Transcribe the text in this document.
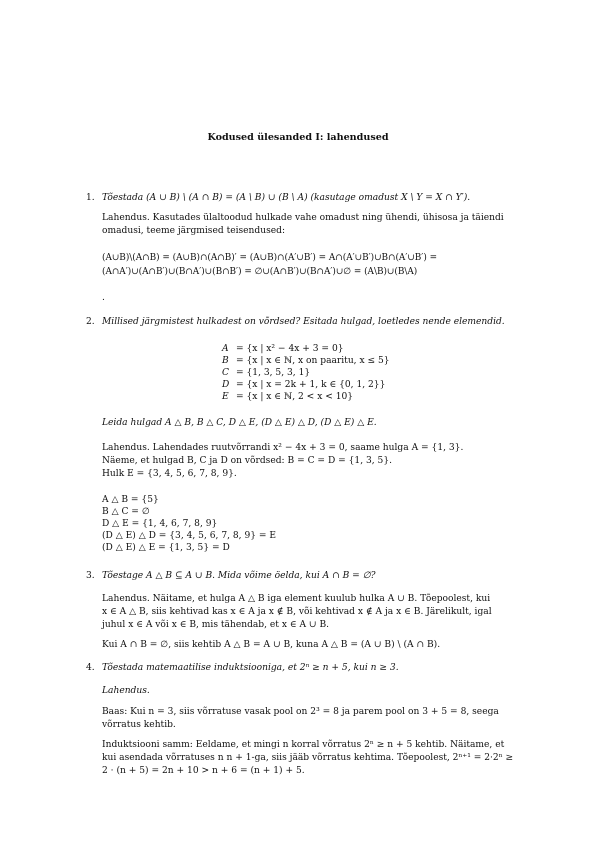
Kodused ülesanded I: lahendused
1. Tõestada (A ∪ B) \ (A ∩ B) = (A \ B) ∪ (B \ A) (kasutage omadust X \ Y = X ∩ Y′).
Lahendus. Kasutades ülaltoodud hulkade vahe omadust ning ühendi, ühisosa ja täiendi
omadusi, teeme järgmised teisendused:
(A∪B)\(A∩B) = (A∪B)∩(A∩B)′ = (A∪B)∩(A′∪B′) = A∩(A′∪B′)∪B∩(A′∪B′) =
(A∩A′)∪(A∩B′)∪(B∩A′)∪(B∩B′) = ∅∪(A∩B′)∪(B∩A′)∪∅ = (A\B)∪(B\A)
.
2. Millised järgmistest hulkadest on võrdsed? Esitada hulgad, loetledes nende elemendid.
A = {x | x² − 4x + 3 = 0}
B = {x | x ∈ ℕ, x on paaritu, x ≤ 5}
C = {1, 3, 5, 3, 1}
D = {x | x = 2k + 1, k ∈ {0, 1, 2}}
E = {x | x ∈ ℕ, 2 < x < 10}
Leida hulgad A △ B, B △ C, D △ E, (D △ E) △ D, (D △ E) △ E.
Lahendus. Lahendades ruutvõrrandi x² − 4x + 3 = 0, saame hulga A = {1, 3}.
Näeme, et hulgad B, C ja D on võrdsed: B = C = D = {1, 3, 5}.
Hulk E = {3, 4, 5, 6, 7, 8, 9}.
A △ B = {5}
B △ C = ∅
D △ E = {1, 4, 6, 7, 8, 9}
(D △ E) △ D = {3, 4, 5, 6, 7, 8, 9} = E
(D △ E) △ E = {1, 3, 5} = D
3. Tõestage A △ B ⊆ A ∪ B. Mida võime öelda, kui A ∩ B = ∅?
Lahendus. Näitame, et hulga A △ B iga element kuulub hulka A ∪ B. Tõepoolest, kui
x ∈ A △ B, siis kehtivad kas x ∈ A ja x ∉ B, või kehtivad x ∉ A ja x ∈ B. Järelikult, igal
juhul x ∈ A või x ∈ B, mis tähendab, et x ∈ A ∪ B.
Kui A ∩ B = ∅, siis kehtib A △ B = A ∪ B, kuna A △ B = (A ∪ B) \ (A ∩ B).
4. Tõestada matemaatilise induktsiooniga, et 2ⁿ ≥ n + 5, kui n ≥ 3.
Lahendus.
Baas: Kui n = 3, siis võrratuse vasak pool on 2³ = 8 ja parem pool on 3 + 5 = 8, seega
võrratus kehtib.
Induktsiooni samm: Eeldame, et mingi n korral võrratus 2ⁿ ≥ n + 5 kehtib. Näitame, et
kui asendada võrratuses n n + 1-ga, siis jääb võrratus kehtima. Tõepoolest, 2ⁿ⁺¹ = 2·2ⁿ ≥
2 · (n + 5) = 2n + 10 > n + 6 = (n + 1) + 5.
